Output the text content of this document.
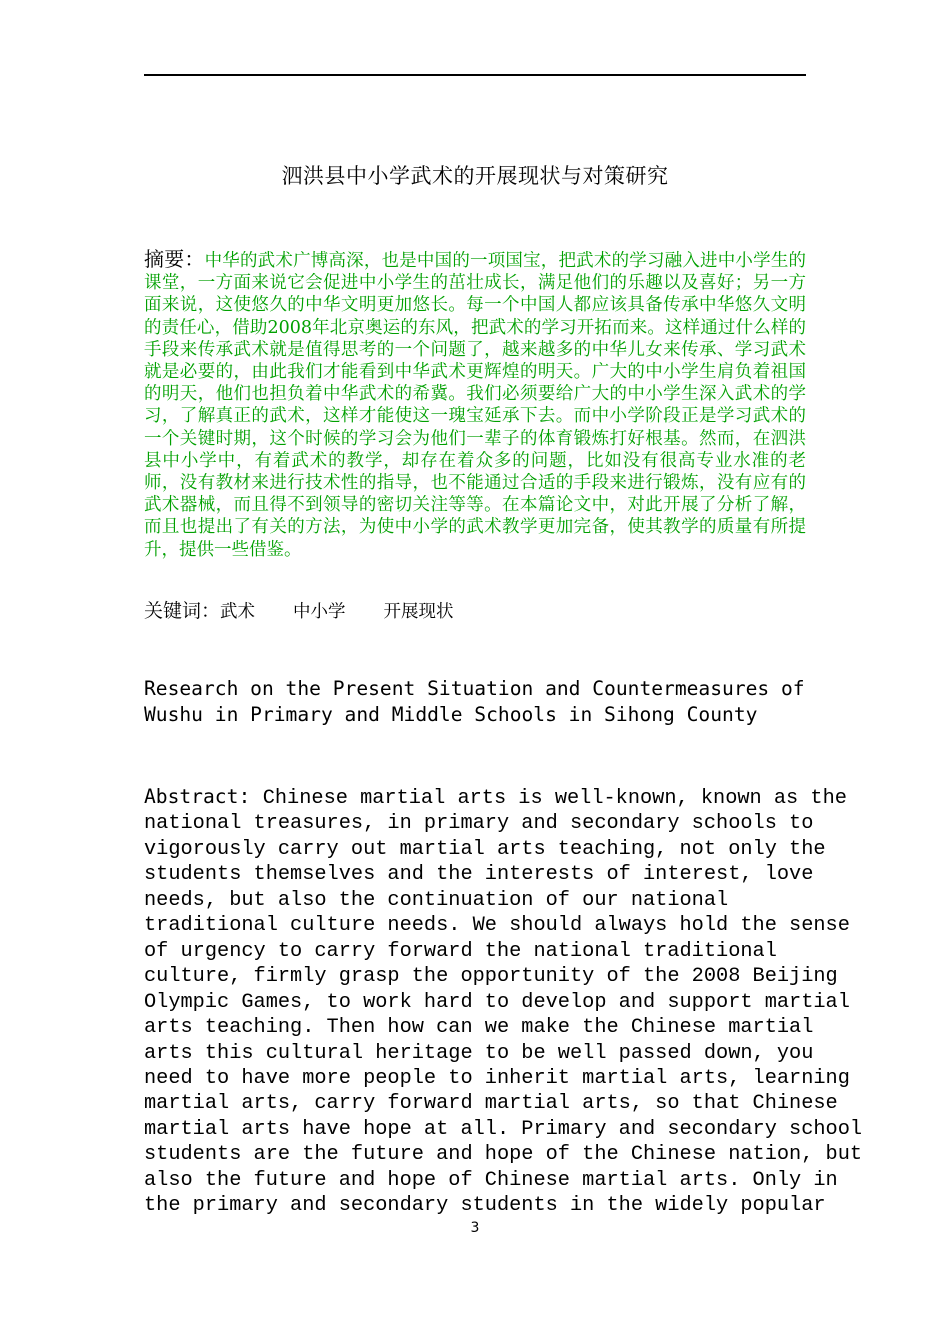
泗洪县中小学武术的开展现状与对策研究
摘要：中华的武术广博高深，也是中国的一项国宝，把武术的学习融入进中小学生的课堂，一方面来说它会促进中小学生的茁壮成长，满足他们的乐趣以及喜好；另一方面来说，这使悠久的中华文明更加悠长。每一个中国人都应该具备传承中华悠久文明的责任心，借助2008年北京奥运的东风，把武术的学习开拓而来。这样通过什么样的手段来传承武术就是值得思考的一个问题了，越来越多的中华儿女来传承、学习武术就是必要的，由此我们才能看到中华武术更辉煌的明天。广大的中小学生肩负着祖国的明天，他们也担负着中华武术的希冀。我们必须要给广大的中小学生深入武术的学习，了解真正的武术，这样才能使这一瑰宝延承下去。而中小学阶段正是学习武术的一个关键时期，这个时候的学习会为他们一辈子的体育锻炼打好根基。然而，在泗洪县中小学中，有着武术的教学，却存在着众多的问题，比如没有很高专业水准的老师，没有教材来进行技术性的指导，也不能通过合适的手段来进行锻炼，没有应有的武术器械，而且得不到领导的密切关注等等。在本篇论文中，对此开展了分析了解，而且也提出了有关的方法，为使中小学的武术教学更加完备，使其教学的质量有所提升，提供一些借鉴。
关键词：武术 中小学 开展现状
Research on the Present Situation and Countermeasures of
Wushu in Primary and Middle Schools in Sihong County
Abstract: Chinese martial arts is well-known, known as the
national treasures, in primary and secondary schools to
vigorously carry out martial arts teaching, not only the
students themselves and the interests of interest, love
needs, but also the continuation of our national
traditional culture needs. We should always hold the sense
of urgency to carry forward the national traditional
culture, firmly grasp the opportunity of the 2008 Beijing
Olympic Games, to work hard to develop and support martial
arts teaching. Then how can we make the Chinese martial
arts this cultural heritage to be well passed down, you
need to have more people to inherit martial arts, learning
martial arts, carry forward martial arts, so that Chinese
martial arts have hope at all. Primary and secondary school
students are the future and hope of the Chinese nation, but
also the future and hope of Chinese martial arts. Only in
the primary and secondary students in the widely popular
3
